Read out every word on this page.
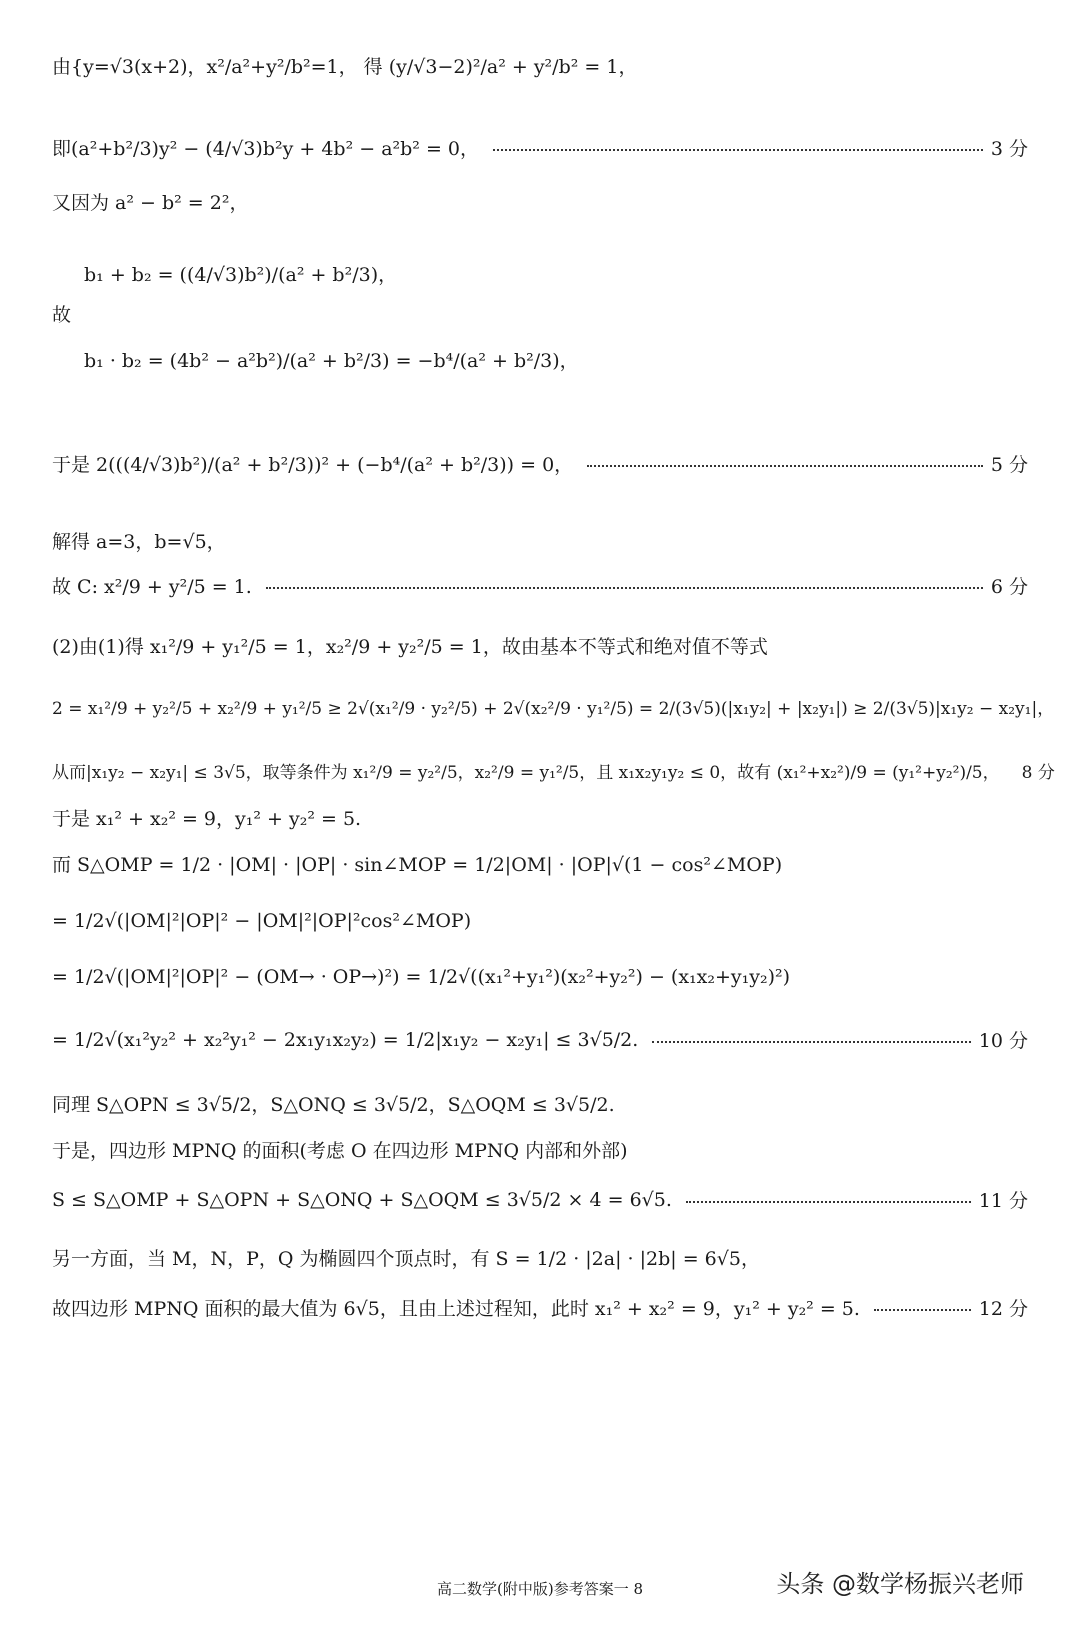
由{y=√3(x+2)，x²/a²+y²/b²=1， 得 (y/√3−2)²/a² + y²/b² = 1，
即(a²+b²/3)y² − (4/√3)b²y + 4b² − a²b² = 0，	3 分
又因为 a² − b² = 2²，
b₁ + b₂ = ((4/√3)b²)/(a² + b²/3)，
故
b₁ · b₂ = (4b² − a²b²)/(a² + b²/3) = −b⁴/(a² + b²/3)，
于是 2(((4/√3)b²)/(a² + b²/3))² + (−b⁴/(a² + b²/3)) = 0，	5 分
解得 a=3，b=√5，
故 C: x²/9 + y²/5 = 1.	6 分
(2)由(1)得 x₁²/9 + y₁²/5 = 1，x₂²/9 + y₂²/5 = 1，故由基本不等式和绝对值不等式
2 = x₁²/9 + y₂²/5 + x₂²/9 + y₁²/5 ≥ 2√(x₁²/9 · y₂²/5) + 2√(x₂²/9 · y₁²/5) = 2/(3√5)(|x₁y₂| + |x₂y₁|) ≥ 2/(3√5)|x₁y₂ − x₂y₁|，
从而|x₁y₂ − x₂y₁| ≤ 3√5，取等条件为 x₁²/9 = y₂²/5，x₂²/9 = y₁²/5，且 x₁x₂y₁y₂ ≤ 0，故有 (x₁²+x₂²)/9 = (y₁²+y₂²)/5， 8 分
于是 x₁² + x₂² = 9，y₁² + y₂² = 5.
而 S△OMP = 1/2 · |OM| · |OP| · sin∠MOP = 1/2|OM| · |OP|√(1 − cos²∠MOP)
= 1/2√(|OM|²|OP|² − |OM|²|OP|²cos²∠MOP)
= 1/2√(|OM|²|OP|² − (OM→ · OP→)²) = 1/2√((x₁²+y₁²)(x₂²+y₂²) − (x₁x₂+y₁y₂)²)
= 1/2√(x₁²y₂² + x₂²y₁² − 2x₁y₁x₂y₂) = 1/2|x₁y₂ − x₂y₁| ≤ 3√5/2.	10 分
同理 S△OPN ≤ 3√5/2，S△ONQ ≤ 3√5/2，S△OQM ≤ 3√5/2.
于是，四边形 MPNQ 的面积(考虑 O 在四边形 MPNQ 内部和外部)
S ≤ S△OMP + S△OPN + S△ONQ + S△OQM ≤ 3√5/2 × 4 = 6√5.	11 分
另一方面，当 M，N，P，Q 为椭圆四个顶点时，有 S = 1/2 · |2a| · |2b| = 6√5，
故四边形 MPNQ 面积的最大值为 6√5，且由上述过程知，此时 x₁² + x₂² = 9，y₁² + y₂² = 5.	12 分
高二数学(附中版)参考答案一 8	头条 @数学杨振兴老师
